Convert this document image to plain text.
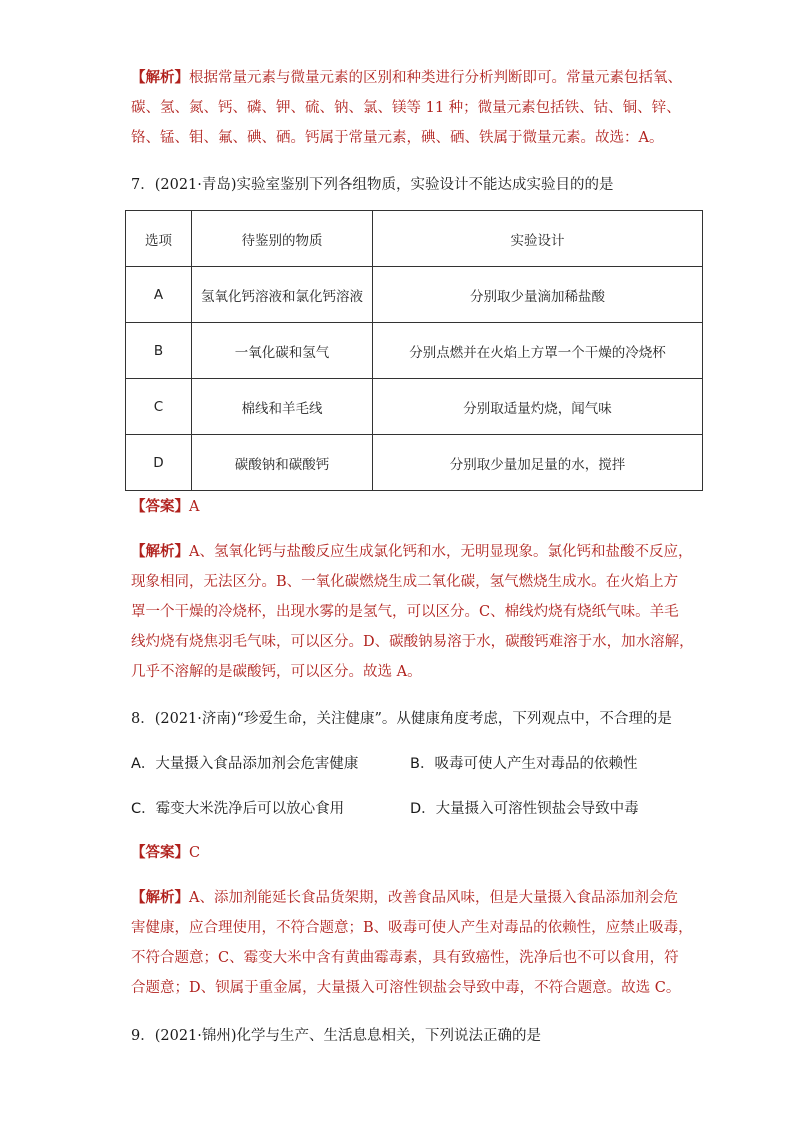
【解析】根据常量元素与微量元素的区别和种类进行分析判断即可。常量元素包括氧、
碳、氢、氮、钙、磷、钾、硫、钠、氯、镁等 11 种；微量元素包括铁、钴、铜、锌、
铬、锰、钼、氟、碘、硒。钙属于常量元素，碘、硒、铁属于微量元素。故选：A。
7．(2021·青岛)实验室鉴别下列各组物质，实验设计不能达成实验目的的是
选项	待鉴别的物质	实验设计
A	氢氧化钙溶液和氯化钙溶液	分别取少量滴加稀盐酸
B	一氧化碳和氢气	分别点燃并在火焰上方罩一个干燥的冷烧杯
C	棉线和羊毛线	分别取适量灼烧，闻气味
D	碳酸钠和碳酸钙	分别取少量加足量的水，搅拌
【答案】A
【解析】A、氢氧化钙与盐酸反应生成氯化钙和水，无明显现象。氯化钙和盐酸不反应，
现象相同，无法区分。B、一氧化碳燃烧生成二氧化碳，氢气燃烧生成水。在火焰上方
罩一个干燥的冷烧杯，出现水雾的是氢气，可以区分。C、棉线灼烧有烧纸气味。羊毛
线灼烧有烧焦羽毛气味，可以区分。D、碳酸钠易溶于水，碳酸钙难溶于水，加水溶解，
几乎不溶解的是碳酸钙，可以区分。故选 A。
8．(2021·济南)“珍爱生命，关注健康”。从健康角度考虑，下列观点中，不合理的是
A．大量摄入食品添加剂会危害健康	B．吸毒可使人产生对毒品的依赖性
C．霉变大米洗净后可以放心食用	D．大量摄入可溶性钡盐会导致中毒
【答案】C
【解析】A、添加剂能延长食品货架期，改善食品风味，但是大量摄入食品添加剂会危
害健康，应合理使用，不符合题意；B、吸毒可使人产生对毒品的依赖性，应禁止吸毒，
不符合题意；C、霉变大米中含有黄曲霉毒素，具有致癌性，洗净后也不可以食用，符
合题意；D、钡属于重金属，大量摄入可溶性钡盐会导致中毒，不符合题意。故选 C。
9．(2021·锦州)化学与生产、生活息息相关，下列说法正确的是
